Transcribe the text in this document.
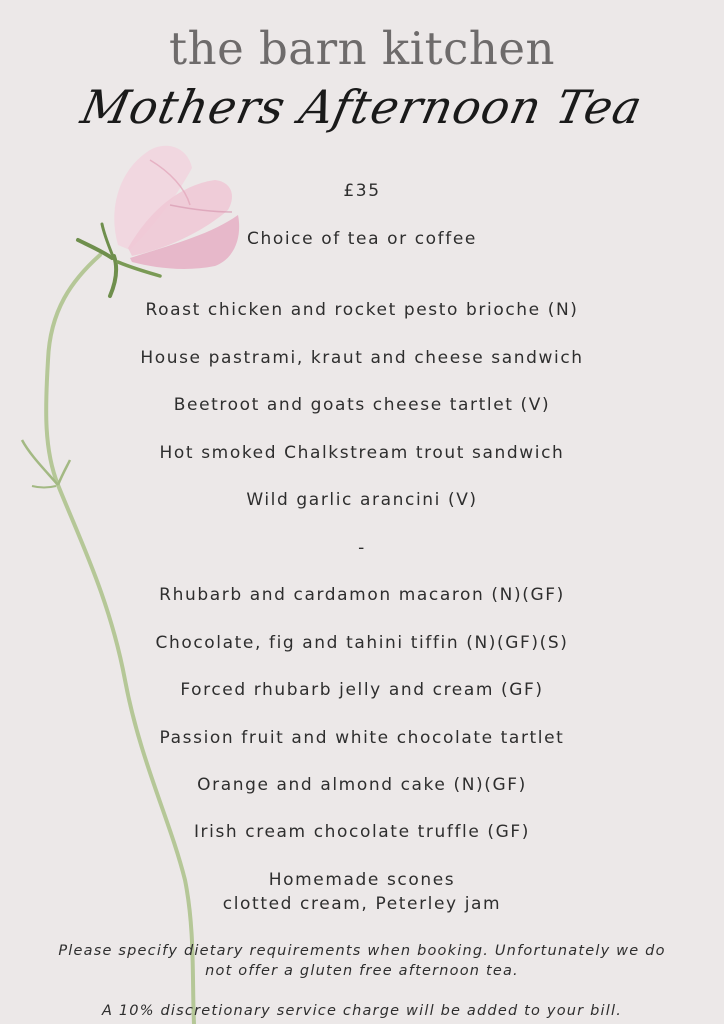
the barn kitchen
Mothers Afternoon Tea
£35
Choice of tea or coffee
Roast chicken and rocket pesto brioche (N)
House pastrami, kraut and cheese sandwich
Beetroot and goats cheese tartlet (V)
Hot smoked Chalkstream trout sandwich
Wild garlic arancini (V)
-
Rhubarb and cardamon macaron (N)(GF)
Chocolate, fig and tahini tiffin (N)(GF)(S)
Forced rhubarb jelly and cream (GF)
Passion fruit and white chocolate tartlet
Orange and almond cake (N)(GF)
Irish cream chocolate truffle (GF)
Homemade scones
clotted cream, Peterley jam
Please specify dietary requirements when booking. Unfortunately we do
not offer a gluten free afternoon tea.
A 10% discretionary service charge will be added to your bill.
